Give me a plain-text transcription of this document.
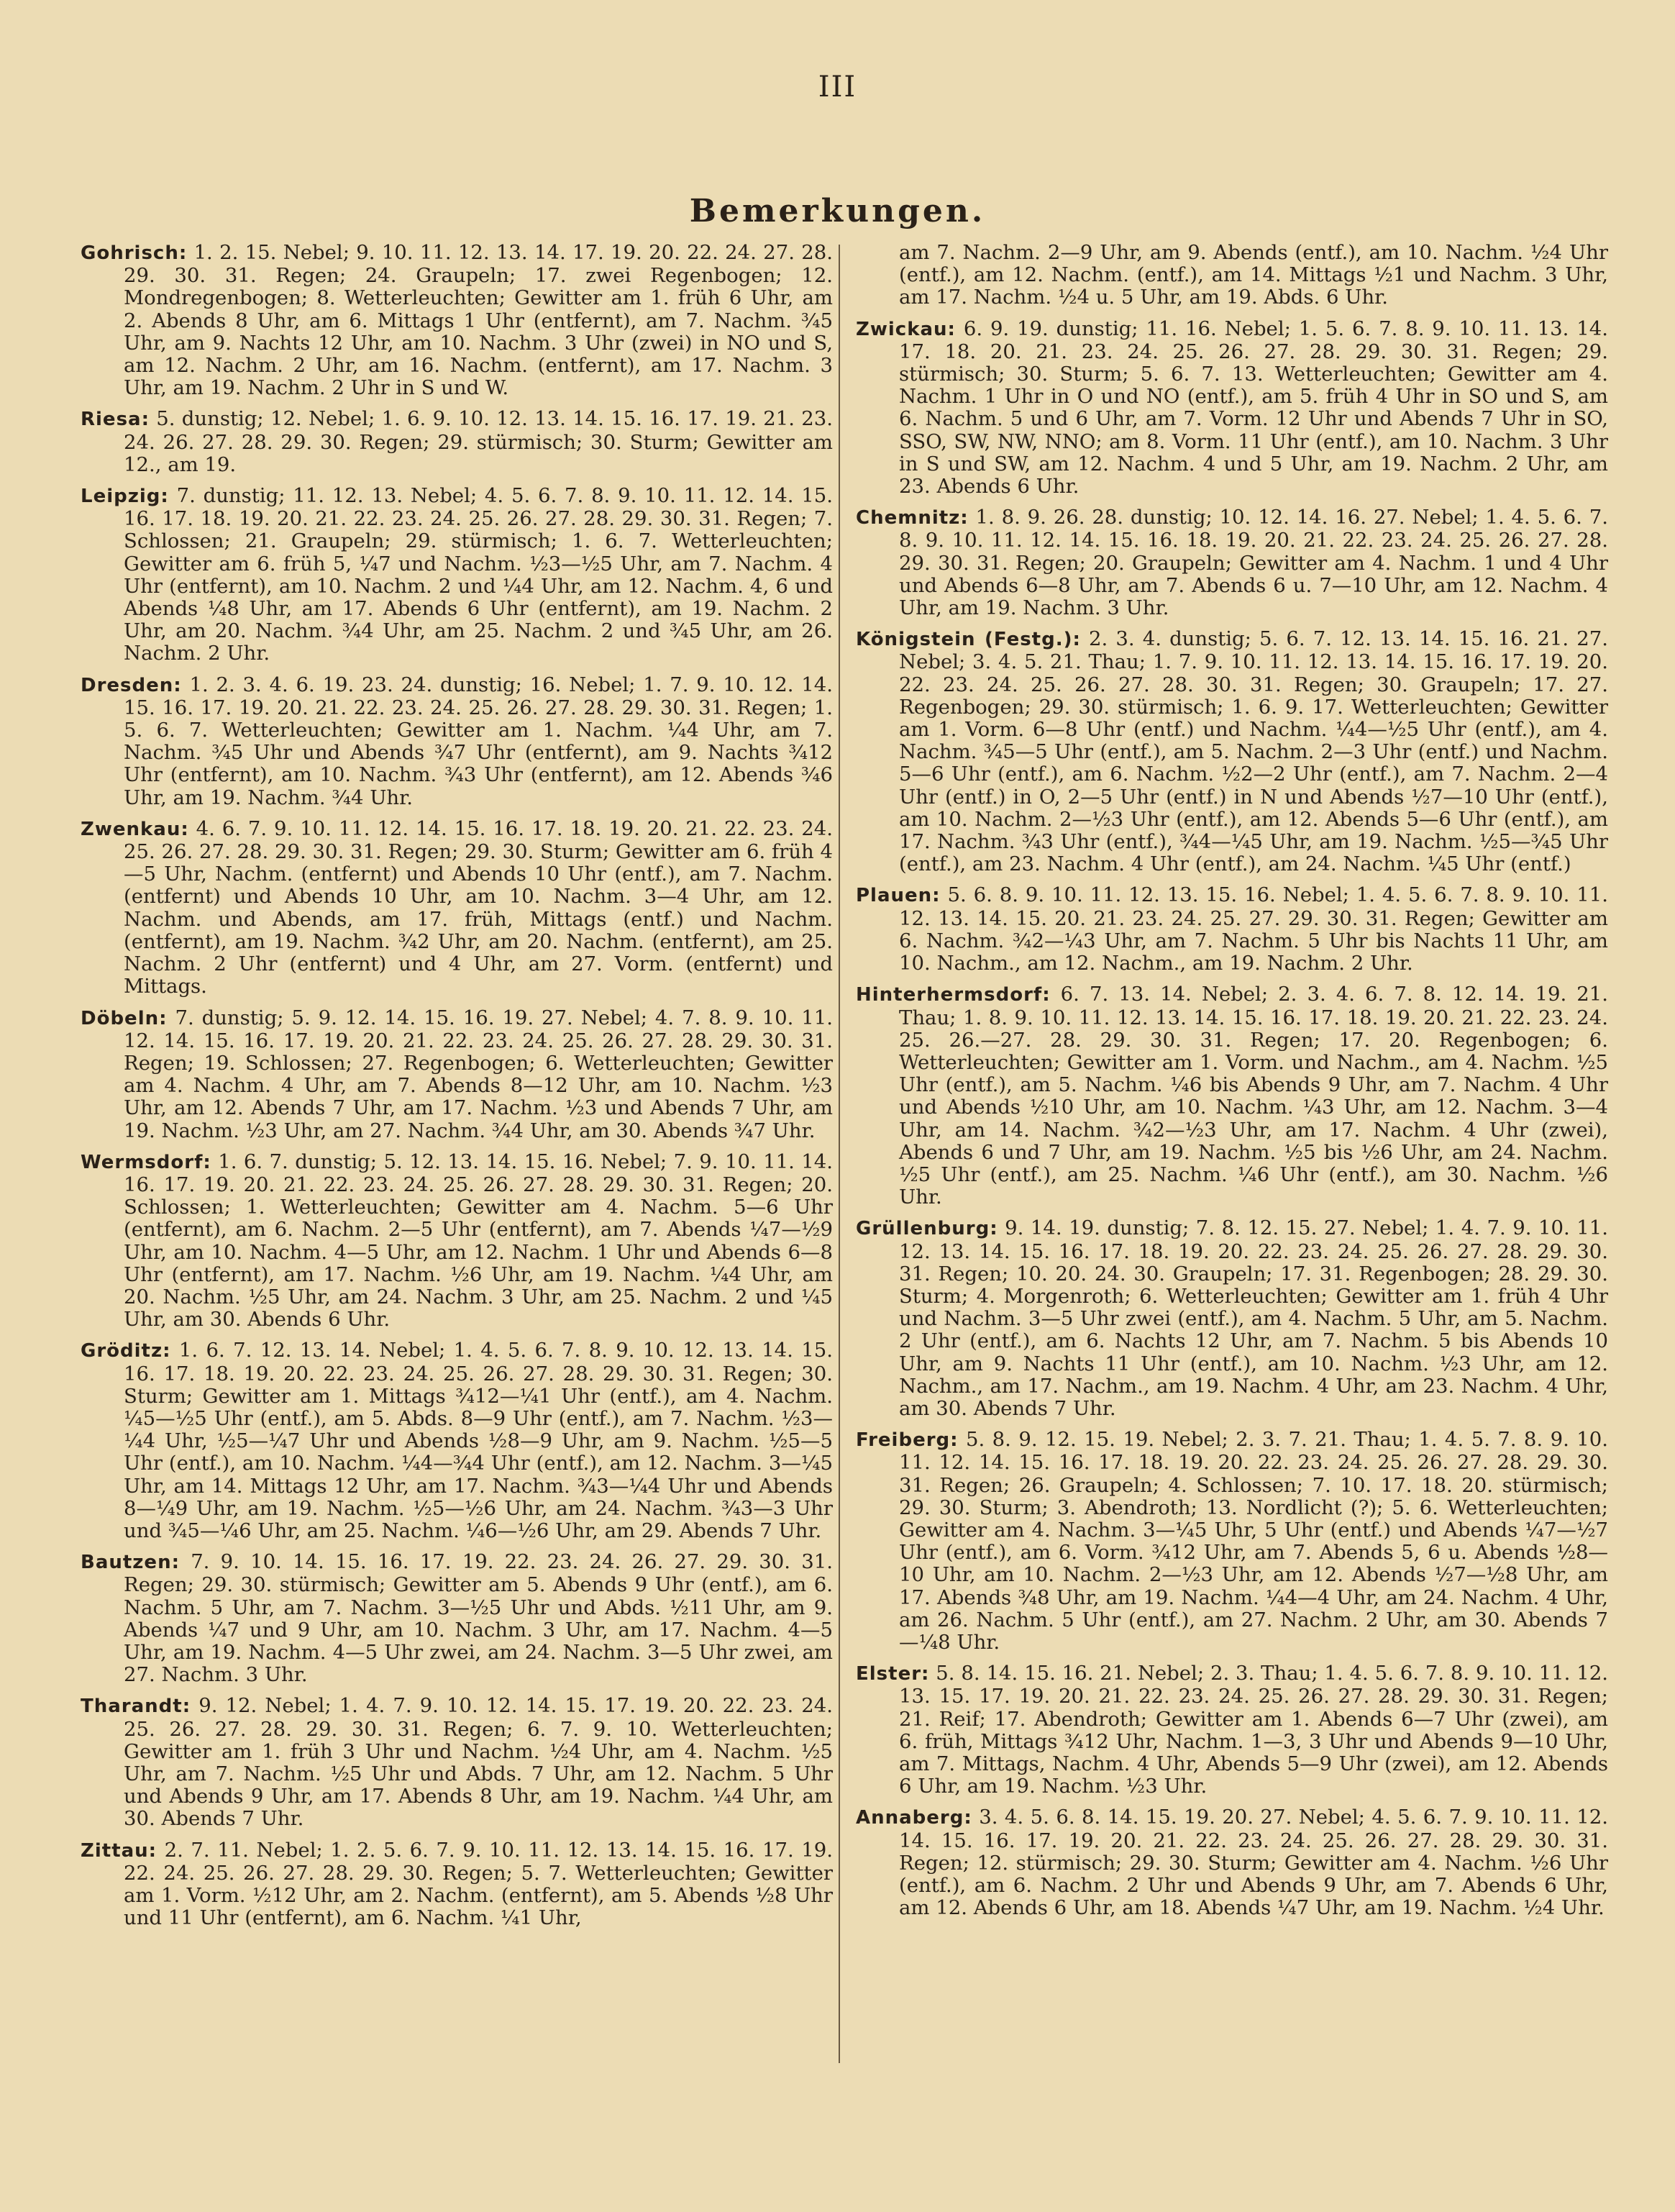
III
Bemerkungen.

Gohrisch: 1. 2. 15. Nebel; 9. 10. 11. 12. 13. 14. 17. 19. 20. 22. 24. 27. 28. 29. 30. 31. Regen; 24. Graupeln; 17. zwei Regenbogen; 12. Mondregenbogen; 8. Wetterleuchten; Gewitter am 1. früh 6 Uhr, am 2. Abends 8 Uhr, am 6. Mittags 1 Uhr (entfernt), am 7. Nachm. ¾5 Uhr, am 9. Nachts 12 Uhr, am 10. Nachm. 3 Uhr (zwei) in NO und S, am 12. Nachm. 2 Uhr, am 16. Nachm. (entfernt), am 17. Nachm. 3 Uhr, am 19. Nachm. 2 Uhr in S und W.

Riesa: 5. dunstig; 12. Nebel; 1. 6. 9. 10. 12. 13. 14. 15. 16. 17. 19. 21. 23. 24. 26. 27. 28. 29. 30. Regen; 29. stürmisch; 30. Sturm; Gewitter am 12., am 19.

Leipzig: 7. dunstig; 11. 12. 13. Nebel; 4. 5. 6. 7. 8. 9. 10. 11. 12. 14. 15. 16. 17. 18. 19. 20. 21. 22. 23. 24. 25. 26. 27. 28. 29. 30. 31. Regen; 7. Schlossen; 21. Graupeln; 29. stürmisch; 1. 6. 7. Wetterleuchten; Gewitter am 6. früh 5, ¼7 und Nachm. ½3—½5 Uhr, am 7. Nachm. 4 Uhr (entfernt), am 10. Nachm. 2 und ¼4 Uhr, am 12. Nachm. 4, 6 und Abends ¼8 Uhr, am 17. Abends 6 Uhr (entfernt), am 19. Nachm. 2 Uhr, am 20. Nachm. ¾4 Uhr, am 25. Nachm. 2 und ¾5 Uhr, am 26. Nachm. 2 Uhr.

Dresden: 1. 2. 3. 4. 6. 19. 23. 24. dunstig; 16. Nebel; 1. 7. 9. 10. 12. 14. 15. 16. 17. 19. 20. 21. 22. 23. 24. 25. 26. 27. 28. 29. 30. 31. Regen; 1. 5. 6. 7. Wetterleuchten; Gewitter am 1. Nachm. ¼4 Uhr, am 7. Nachm. ¾5 Uhr und Abends ¾7 Uhr (entfernt), am 9. Nachts ¾12 Uhr (entfernt), am 10. Nachm. ¾3 Uhr (entfernt), am 12. Abends ¾6 Uhr, am 19. Nachm. ¾4 Uhr.

Zwenkau: 4. 6. 7. 9. 10. 11. 12. 14. 15. 16. 17. 18. 19. 20. 21. 22. 23. 24. 25. 26. 27. 28. 29. 30. 31. Regen; 29. 30. Sturm; Gewitter am 6. früh 4—5 Uhr, Nachm. (entfernt) und Abends 10 Uhr (entf.), am 7. Nachm. (entfernt) und Abends 10 Uhr, am 10. Nachm. 3—4 Uhr, am 12. Nachm. und Abends, am 17. früh, Mittags (entf.) und Nachm. (entfernt), am 19. Nachm. ¾2 Uhr, am 20. Nachm. (entfernt), am 25. Nachm. 2 Uhr (entfernt) und 4 Uhr, am 27. Vorm. (entfernt) und Mittags.

Döbeln: 7. dunstig; 5. 9. 12. 14. 15. 16. 19. 27. Nebel; 4. 7. 8. 9. 10. 11. 12. 14. 15. 16. 17. 19. 20. 21. 22. 23. 24. 25. 26. 27. 28. 29. 30. 31. Regen; 19. Schlossen; 27. Regenbogen; 6. Wetterleuchten; Gewitter am 4. Nachm. 4 Uhr, am 7. Abends 8—12 Uhr, am 10. Nachm. ½3 Uhr, am 12. Abends 7 Uhr, am 17. Nachm. ½3 und Abends 7 Uhr, am 19. Nachm. ½3 Uhr, am 27. Nachm. ¾4 Uhr, am 30. Abends ¾7 Uhr.

Wermsdorf: 1. 6. 7. dunstig; 5. 12. 13. 14. 15. 16. Nebel; 7. 9. 10. 11. 14. 16. 17. 19. 20. 21. 22. 23. 24. 25. 26. 27. 28. 29. 30. 31. Regen; 20. Schlossen; 1. Wetterleuchten; Gewitter am 4. Nachm. 5—6 Uhr (entfernt), am 6. Nachm. 2—5 Uhr (entfernt), am 7. Abends ¼7—½9 Uhr, am 10. Nachm. 4—5 Uhr, am 12. Nachm. 1 Uhr und Abends 6—8 Uhr (entfernt), am 17. Nachm. ½6 Uhr, am 19. Nachm. ¼4 Uhr, am 20. Nachm. ½5 Uhr, am 24. Nachm. 3 Uhr, am 25. Nachm. 2 und ¼5 Uhr, am 30. Abends 6 Uhr.

Gröditz: 1. 6. 7. 12. 13. 14. Nebel; 1. 4. 5. 6. 7. 8. 9. 10. 12. 13. 14. 15. 16. 17. 18. 19. 20. 22. 23. 24. 25. 26. 27. 28. 29. 30. 31. Regen; 30. Sturm; Gewitter am 1. Mittags ¾12—¼1 Uhr (entf.), am 4. Nachm. ¼5—½5 Uhr (entf.), am 5. Abds. 8—9 Uhr (entf.), am 7. Nachm. ½3—¼4 Uhr, ½5—¼7 Uhr und Abends ½8—9 Uhr, am 9. Nachm. ½5—5 Uhr (entf.), am 10. Nachm. ¼4—¾4 Uhr (entf.), am 12. Nachm. 3—¼5 Uhr, am 14. Mittags 12 Uhr, am 17. Nachm. ¾3—¼4 Uhr und Abends 8—¼9 Uhr, am 19. Nachm. ½5—½6 Uhr, am 24. Nachm. ¾3—3 Uhr und ¾5—¼6 Uhr, am 25. Nachm. ¼6—½6 Uhr, am 29. Abends 7 Uhr.

Bautzen: 7. 9. 10. 14. 15. 16. 17. 19. 22. 23. 24. 26. 27. 29. 30. 31. Regen; 29. 30. stürmisch; Gewitter am 5. Abends 9 Uhr (entf.), am 6. Nachm. 5 Uhr, am 7. Nachm. 3—½5 Uhr und Abds. ½11 Uhr, am 9. Abends ¼7 und 9 Uhr, am 10. Nachm. 3 Uhr, am 17. Nachm. 4—5 Uhr, am 19. Nachm. 4—5 Uhr zwei, am 24. Nachm. 3—5 Uhr zwei, am 27. Nachm. 3 Uhr.

Tharandt: 9. 12. Nebel; 1. 4. 7. 9. 10. 12. 14. 15. 17. 19. 20. 22. 23. 24. 25. 26. 27. 28. 29. 30. 31. Regen; 6. 7. 9. 10. Wetterleuchten; Gewitter am 1. früh 3 Uhr und Nachm. ½4 Uhr, am 4. Nachm. ½5 Uhr, am 7. Nachm. ½5 Uhr und Abds. 7 Uhr, am 12. Nachm. 5 Uhr und Abends 9 Uhr, am 17. Abends 8 Uhr, am 19. Nachm. ¼4 Uhr, am 30. Abends 7 Uhr.

Zittau: 2. 7. 11. Nebel; 1. 2. 5. 6. 7. 9. 10. 11. 12. 13. 14. 15. 16. 17. 19. 22. 24. 25. 26. 27. 28. 29. 30. Regen; 5. 7. Wetterleuchten; Gewitter am 1. Vorm. ½12 Uhr, am 2. Nachm. (entfernt), am 5. Abends ½8 Uhr und 11 Uhr (entfernt), am 6. Nachm. ¼1 Uhr,

am 7. Nachm. 2—9 Uhr, am 9. Abends (entf.), am 10. Nachm. ½4 Uhr (entf.), am 12. Nachm. (entf.), am 14. Mittags ½1 und Nachm. 3 Uhr, am 17. Nachm. ½4 u. 5 Uhr, am 19. Abds. 6 Uhr.

Zwickau: 6. 9. 19. dunstig; 11. 16. Nebel; 1. 5. 6. 7. 8. 9. 10. 11. 13. 14. 17. 18. 20. 21. 23. 24. 25. 26. 27. 28. 29. 30. 31. Regen; 29. stürmisch; 30. Sturm; 5. 6. 7. 13. Wetterleuchten; Gewitter am 4. Nachm. 1 Uhr in O und NO (entf.), am 5. früh 4 Uhr in SO und S, am 6. Nachm. 5 und 6 Uhr, am 7. Vorm. 12 Uhr und Abends 7 Uhr in SO, SSO, SW, NW, NNO; am 8. Vorm. 11 Uhr (entf.), am 10. Nachm. 3 Uhr in S und SW, am 12. Nachm. 4 und 5 Uhr, am 19. Nachm. 2 Uhr, am 23. Abends 6 Uhr.

Chemnitz: 1. 8. 9. 26. 28. dunstig; 10. 12. 14. 16. 27. Nebel; 1. 4. 5. 6. 7. 8. 9. 10. 11. 12. 14. 15. 16. 18. 19. 20. 21. 22. 23. 24. 25. 26. 27. 28. 29. 30. 31. Regen; 20. Graupeln; Gewitter am 4. Nachm. 1 und 4 Uhr und Abends 6—8 Uhr, am 7. Abends 6 u. 7—10 Uhr, am 12. Nachm. 4 Uhr, am 19. Nachm. 3 Uhr.

Königstein (Festg.): 2. 3. 4. dunstig; 5. 6. 7. 12. 13. 14. 15. 16. 21. 27. Nebel; 3. 4. 5. 21. Thau; 1. 7. 9. 10. 11. 12. 13. 14. 15. 16. 17. 19. 20. 22. 23. 24. 25. 26. 27. 28. 30. 31. Regen; 30. Graupeln; 17. 27. Regenbogen; 29. 30. stürmisch; 1. 6. 9. 17. Wetterleuchten; Gewitter am 1. Vorm. 6—8 Uhr (entf.) und Nachm. ¼4—½5 Uhr (entf.), am 4. Nachm. ¾5—5 Uhr (entf.), am 5. Nachm. 2—3 Uhr (entf.) und Nachm. 5—6 Uhr (entf.), am 6. Nachm. ½2—2 Uhr (entf.), am 7. Nachm. 2—4 Uhr (entf.) in O, 2—5 Uhr (entf.) in N und Abends ½7—10 Uhr (entf.), am 10. Nachm. 2—½3 Uhr (entf.), am 12. Abends 5—6 Uhr (entf.), am 17. Nachm. ¾3 Uhr (entf.), ¾4—¼5 Uhr, am 19. Nachm. ½5—¾5 Uhr (entf.), am 23. Nachm. 4 Uhr (entf.), am 24. Nachm. ¼5 Uhr (entf.)

Plauen: 5. 6. 8. 9. 10. 11. 12. 13. 15. 16. Nebel; 1. 4. 5. 6. 7. 8. 9. 10. 11. 12. 13. 14. 15. 20. 21. 23. 24. 25. 27. 29. 30. 31. Regen; Gewitter am 6. Nachm. ¾2—¼3 Uhr, am 7. Nachm. 5 Uhr bis Nachts 11 Uhr, am 10. Nachm., am 12. Nachm., am 19. Nachm. 2 Uhr.

Hinterhermsdorf: 6. 7. 13. 14. Nebel; 2. 3. 4. 6. 7. 8. 12. 14. 19. 21. Thau; 1. 8. 9. 10. 11. 12. 13. 14. 15. 16. 17. 18. 19. 20. 21. 22. 23. 24. 25. 26.—27. 28. 29. 30. 31. Regen; 17. 20. Regenbogen; 6. Wetterleuchten; Gewitter am 1. Vorm. und Nachm., am 4. Nachm. ½5 Uhr (entf.), am 5. Nachm. ¼6 bis Abends 9 Uhr, am 7. Nachm. 4 Uhr und Abends ½10 Uhr, am 10. Nachm. ¼3 Uhr, am 12. Nachm. 3—4 Uhr, am 14. Nachm. ¾2—½3 Uhr, am 17. Nachm. 4 Uhr (zwei), Abends 6 und 7 Uhr, am 19. Nachm. ½5 bis ½6 Uhr, am 24. Nachm. ½5 Uhr (entf.), am 25. Nachm. ¼6 Uhr (entf.), am 30. Nachm. ½6 Uhr.

Grüllenburg: 9. 14. 19. dunstig; 7. 8. 12. 15. 27. Nebel; 1. 4. 7. 9. 10. 11. 12. 13. 14. 15. 16. 17. 18. 19. 20. 22. 23. 24. 25. 26. 27. 28. 29. 30. 31. Regen; 10. 20. 24. 30. Graupeln; 17. 31. Regenbogen; 28. 29. 30. Sturm; 4. Morgenroth; 6. Wetterleuchten; Gewitter am 1. früh 4 Uhr und Nachm. 3—5 Uhr zwei (entf.), am 4. Nachm. 5 Uhr, am 5. Nachm. 2 Uhr (entf.), am 6. Nachts 12 Uhr, am 7. Nachm. 5 bis Abends 10 Uhr, am 9. Nachts 11 Uhr (entf.), am 10. Nachm. ½3 Uhr, am 12. Nachm., am 17. Nachm., am 19. Nachm. 4 Uhr, am 23. Nachm. 4 Uhr, am 30. Abends 7 Uhr.

Freiberg: 5. 8. 9. 12. 15. 19. Nebel; 2. 3. 7. 21. Thau; 1. 4. 5. 7. 8. 9. 10. 11. 12. 14. 15. 16. 17. 18. 19. 20. 22. 23. 24. 25. 26. 27. 28. 29. 30. 31. Regen; 26. Graupeln; 4. Schlossen; 7. 10. 17. 18. 20. stürmisch; 29. 30. Sturm; 3. Abendroth; 13. Nordlicht (?); 5. 6. Wetterleuchten; Gewitter am 4. Nachm. 3—¼5 Uhr, 5 Uhr (entf.) und Abends ¼7—½7 Uhr (entf.), am 6. Vorm. ¾12 Uhr, am 7. Abends 5, 6 u. Abends ½8—10 Uhr, am 10. Nachm. 2—½3 Uhr, am 12. Abends ½7—½8 Uhr, am 17. Abends ¾8 Uhr, am 19. Nachm. ¼4—4 Uhr, am 24. Nachm. 4 Uhr, am 26. Nachm. 5 Uhr (entf.), am 27. Nachm. 2 Uhr, am 30. Abends 7—¼8 Uhr.

Elster: 5. 8. 14. 15. 16. 21. Nebel; 2. 3. Thau; 1. 4. 5. 6. 7. 8. 9. 10. 11. 12. 13. 15. 17. 19. 20. 21. 22. 23. 24. 25. 26. 27. 28. 29. 30. 31. Regen; 21. Reif; 17. Abendroth; Gewitter am 1. Abends 6—7 Uhr (zwei), am 6. früh, Mittags ¾12 Uhr, Nachm. 1—3, 3 Uhr und Abends 9—10 Uhr, am 7. Mittags, Nachm. 4 Uhr, Abends 5—9 Uhr (zwei), am 12. Abends 6 Uhr, am 19. Nachm. ½3 Uhr.

Annaberg: 3. 4. 5. 6. 8. 14. 15. 19. 20. 27. Nebel; 4. 5. 6. 7. 9. 10. 11. 12. 14. 15. 16. 17. 19. 20. 21. 22. 23. 24. 25. 26. 27. 28. 29. 30. 31. Regen; 12. stürmisch; 29. 30. Sturm; Gewitter am 4. Nachm. ½6 Uhr (entf.), am 6. Nachm. 2 Uhr und Abends 9 Uhr, am 7. Abends 6 Uhr, am 12. Abends 6 Uhr, am 18. Abends ¼7 Uhr, am 19. Nachm. ½4 Uhr.
